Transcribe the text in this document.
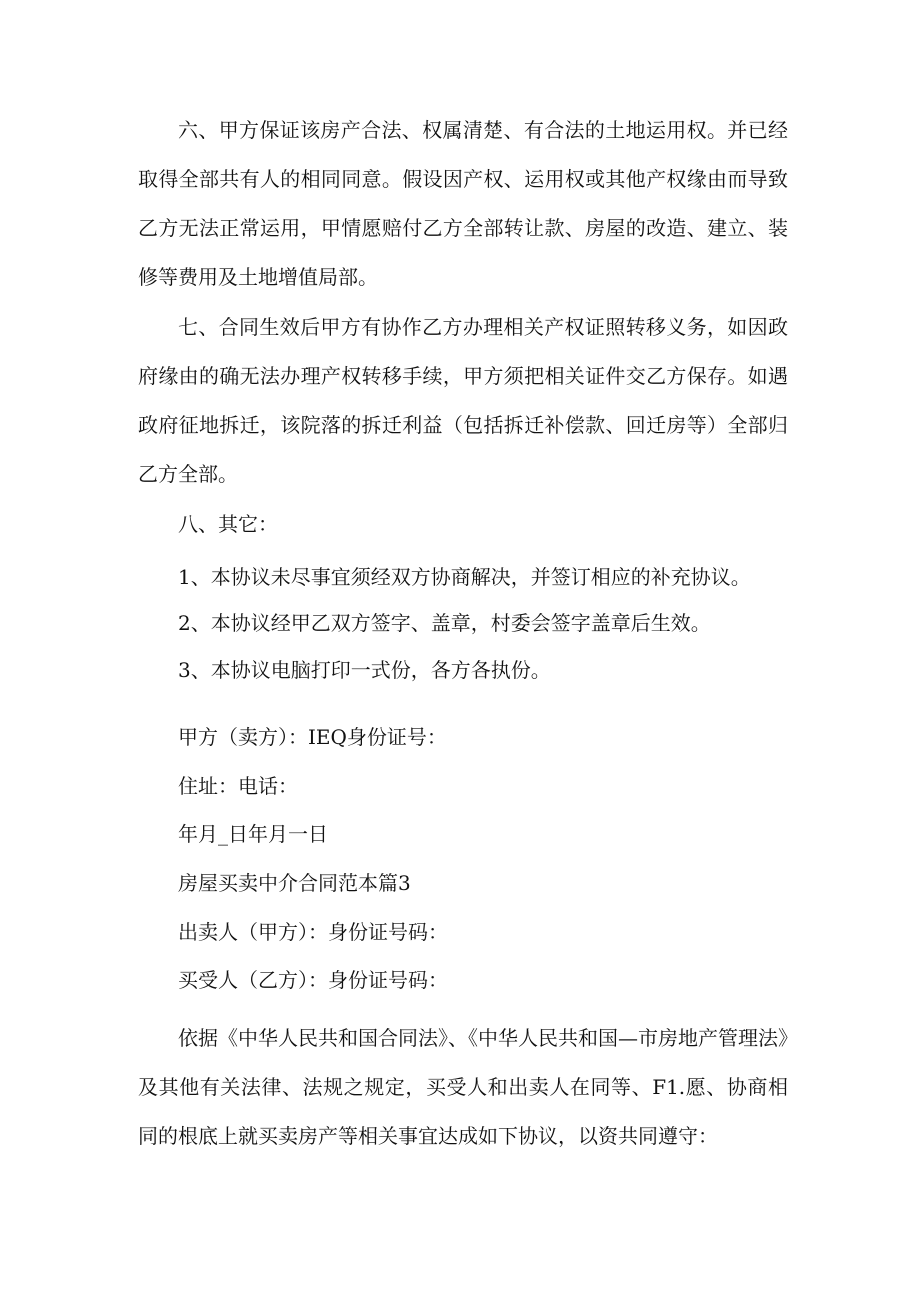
六、甲方保证该房产合法、权属清楚、有合法的土地运用权。并已经取得全部共有人的相同同意。假设因产权、运用权或其他产权缘由而导致乙方无法正常运用，甲情愿赔付乙方全部转让款、房屋的改造、建立、装修等费用及土地增值局部。

七、合同生效后甲方有协作乙方办理相关产权证照转移义务，如因政府缘由的确无法办理产权转移手续，甲方须把相关证件交乙方保存。如遇政府征地拆迁，该院落的拆迁利益（包括拆迁补偿款、回迁房等）全部归乙方全部。

八、其它：

1、本协议未尽事宜须经双方协商解决，并签订相应的补充协议。

2、本协议经甲乙双方签字、盖章，村委会签字盖章后生效。

3、本协议电脑打印一式份，各方各执份。

甲方（卖方）：IEQ身份证号：

住址：电话：

年月_日年月一日

房屋买卖中介合同范本篇3

出卖人（甲方）：身份证号码：

买受人（乙方）：身份证号码：

依据《中华人民共和国合同法》、《中华人民共和国—市房地产管理法》及其他有关法律、法规之规定，买受人和出卖人在同等、F1.愿、协商相同的根底上就买卖房产等相关事宜达成如下协议，以资共同遵守：
